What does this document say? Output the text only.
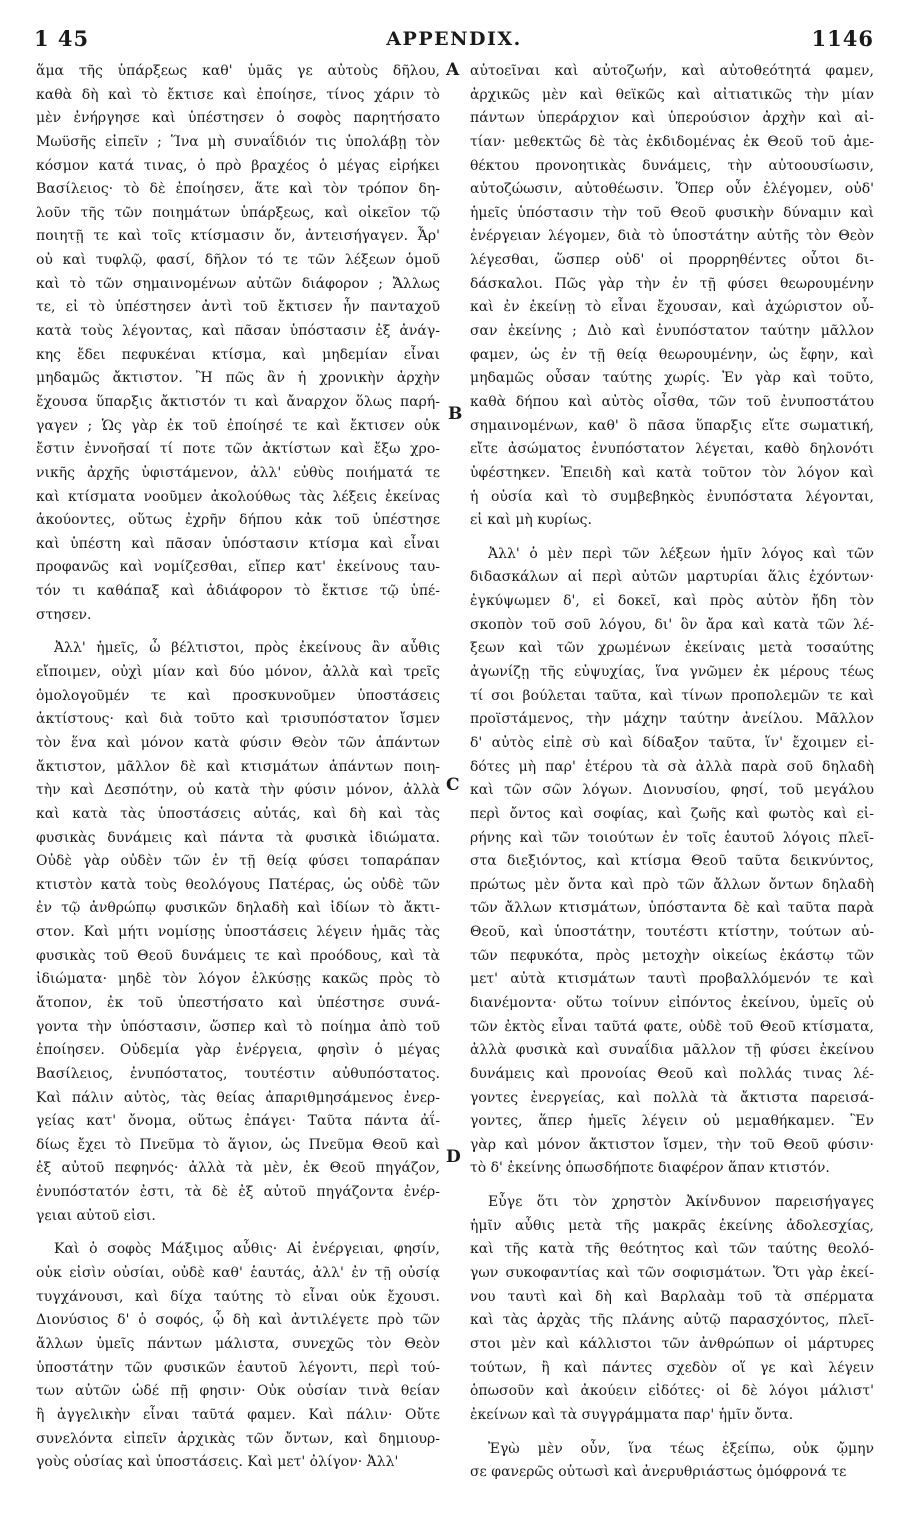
1 45	APPENDIX.	1146
A
B
C
D
ἅμα τῆς ὑπάρξεως καθ' ὑμᾶς γε αὐτοὺς δῆλου,
καθὰ δὴ καὶ τὸ ἔκτισε καὶ ἐποίησε, τίνος χάριν τὸ
μὲν ἐνήργησε καὶ ὑπέστησεν ὁ σοφὸς παρητήσατο
Μωϋσῆς εἰπεῖν ; Ἵνα μὴ συναΐδιόν τις ὑπολάβῃ τὸν
κόσμον κατά τινας, ὁ πρὸ βραχέος ὁ μέγας εἰρήκει
Βασίλειος· τὸ δὲ ἐποίησεν, ἅτε καὶ τὸν τρόπον δη-
λοῦν τῆς τῶν ποιημάτων ὑπάρξεως, καὶ οἰκεῖον τῷ
ποιητῇ τε καὶ τοῖς κτίσμασιν ὄν, ἀντεισήγαγεν. Ἆρ'
οὐ καὶ τυφλῷ, φασί, δῆλον τό τε τῶν λέξεων ὁμοῦ
καὶ τὸ τῶν σημαινομένων αὐτῶν διάφορον ; Ἄλλως
τε, εἰ τὸ ὑπέστησεν ἀντὶ τοῦ ἔκτισεν ἦν πανταχοῦ
κατὰ τοὺς λέγοντας, καὶ πᾶσαν ὑπόστασιν ἐξ ἀνάγ-
κης ἔδει πεφυκέναι κτίσμα, καὶ μηδεμίαν εἶναι
μηδαμῶς ἄκτιστον. Ἢ πῶς ἂν ἡ χρονικὴν ἀρχὴν
ἔχουσα ὕπαρξις ἄκτιστόν τι καὶ ἄναρχον ὅλως παρή-
γαγεν ; Ὡς γὰρ ἐκ τοῦ ἐποίησέ τε καὶ ἔκτισεν οὐκ
ἔστιν ἐννοῆσαί τί ποτε τῶν ἀκτίστων καὶ ἔξω χρο-
νικῆς ἀρχῆς ὑφιστάμενον, ἀλλ' εὐθὺς ποιήματά τε
καὶ κτίσματα νοοῦμεν ἀκολούθως τὰς λέξεις ἐκείνας
ἀκούοντες, οὕτως ἐχρῆν δήπου κἀκ τοῦ ὑπέστησε
καὶ ὑπέστη καὶ πᾶσαν ὑπόστασιν κτίσμα καὶ εἶναι
προφανῶς καὶ νομίζεσθαι, εἴπερ κατ' ἐκείνους ταυ-
τόν τι καθάπαξ καὶ ἀδιάφορον τὸ ἔκτισε τῷ ὑπέ-
στησεν.
Ἀλλ' ἡμεῖς, ὦ βέλτιστοι, πρὸς ἐκείνους ἂν αὖθις
εἴποιμεν, οὐχὶ μίαν καὶ δύο μόνον, ἀλλὰ καὶ τρεῖς
ὁμολογοῦμέν τε καὶ προσκυνοῦμεν ὑποστάσεις
ἀκτίστους· καὶ διὰ τοῦτο καὶ τρισυπόστατον ἴσμεν
τὸν ἕνα καὶ μόνον κατὰ φύσιν Θεὸν τῶν ἁπάντων
ἄκτιστον, μᾶλλον δὲ καὶ κτισμάτων ἁπάντων ποιη-
τὴν καὶ Δεσπότην, οὐ κατὰ τὴν φύσιν μόνον, ἀλλὰ
καὶ κατὰ τὰς ὑποστάσεις αὐτάς, καὶ δὴ καὶ τὰς
φυσικὰς δυνάμεις καὶ πάντα τὰ φυσικὰ ἰδιώματα.
Οὐδὲ γὰρ οὐδὲν τῶν ἐν τῇ θείᾳ φύσει τοπαράπαν
κτιστὸν κατὰ τοὺς θεολόγους Πατέρας, ὡς οὐδὲ τῶν
ἐν τῷ ἀνθρώπῳ φυσικῶν δηλαδὴ καὶ ἰδίων τὸ ἄκτι-
στον. Καὶ μήτι νομίσῃς ὑποστάσεις λέγειν ἡμᾶς τὰς
φυσικὰς τοῦ Θεοῦ δυνάμεις τε καὶ προόδους, καὶ τὰ
ἰδιώματα· μηδὲ τὸν λόγον ἑλκύσῃς κακῶς πρὸς τὸ
ἄτοπον, ἐκ τοῦ ὑπεστήσατο καὶ ὑπέστησε συνά-
γοντα τὴν ὑπόστασιν, ὥσπερ καὶ τὸ ποίημα ἀπὸ τοῦ
ἐποίησεν. Οὐδεμία γὰρ ἐνέργεια, φησὶν ὁ μέγας
Βασίλειος, ἐνυπόστατος, τουτέστιν αὐθυπόστατος.
Καὶ πάλιν αὐτὸς, τὰς θείας ἀπαριθμησάμενος ἐνερ-
γείας κατ' ὄνομα, οὕτως ἐπάγει· Ταῦτα πάντα ἀΐ-
δίως ἔχει τὸ Πνεῦμα τὸ ἅγιον, ὡς Πνεῦμα Θεοῦ καὶ
ἐξ αὐτοῦ πεφηνός· ἀλλὰ τὰ μὲν, ἐκ Θεοῦ πηγάζον,
ἐνυπόστατόν ἐστι, τὰ δὲ ἐξ αὐτοῦ πηγάζοντα ἐνέρ-
γειαι αὐτοῦ εἰσι.
Καὶ ὁ σοφὸς Μάξιμος αὖθις· Αἱ ἐνέργειαι, φησίν,
οὐκ εἰσὶν οὐσίαι, οὐδὲ καθ' ἑαυτάς, ἀλλ' ἐν τῇ οὐσίᾳ
τυγχάνουσι, καὶ δίχα ταύτης τὸ εἶναι οὐκ ἔχουσι.
Διονύσιος δ' ὁ σοφός, ᾧ δὴ καὶ ἀντιλέγετε πρὸ τῶν
ἄλλων ὑμεῖς πάντων μάλιστα, συνεχῶς τὸν Θεὸν
ὑποστάτην τῶν φυσικῶν ἑαυτοῦ λέγοντι, περὶ τού-
των αὐτῶν ὡδέ πῇ φησιν· Οὐκ οὐσίαν τινὰ θείαν
ἢ ἀγγελικὴν εἶναι ταῦτά φαμεν. Καὶ πάλιν· Οὔτε
συνελόντα εἰπεῖν ἀρχικὰς τῶν ὄντων, καὶ δημιουρ-
γοὺς οὐσίας καὶ ὑποστάσεις. Καὶ μετ' ὀλίγον· Ἀλλ'
αὐτοεῖναι καὶ αὐτοζωήν, καὶ αὐτοθεότητά φαμεν,
ἀρχικῶς μὲν καὶ θεϊκῶς καὶ αἰτιατικῶς τὴν μίαν
πάντων ὑπεράρχιον καὶ ὑπερούσιον ἀρχὴν καὶ αἰ-
τίαν· μεθεκτῶς δὲ τὰς ἐκδιδομένας ἐκ Θεοῦ τοῦ ἀμε-
θέκτου προνοητικὰς δυνάμεις, τὴν αὐτοουσίωσιν,
αὐτοζώωσιν, αὐτοθέωσιν. Ὅπερ οὖν ἐλέγομεν, οὐδ'
ἡμεῖς ὑπόστασιν τὴν τοῦ Θεοῦ φυσικὴν δύναμιν καὶ
ἐνέργειαν λέγομεν, διὰ τὸ ὑποστάτην αὐτῆς τὸν Θεὸν
λέγεσθαι, ὥσπερ οὐδ' οἱ προρρηθέντες οὗτοι δι-
δάσκαλοι. Πῶς γὰρ τὴν ἐν τῇ φύσει θεωρουμένην
καὶ ἐν ἐκείνῃ τὸ εἶναι ἔχουσαν, καὶ ἀχώριστον οὖ-
σαν ἐκείνης ; Διὸ καὶ ἐνυπόστατον ταύτην μᾶλλον
φαμεν, ὡς ἐν τῇ θείᾳ θεωρουμένην, ὡς ἔφην, καὶ
μηδαμῶς οὖσαν ταύτης χωρίς. Ἐν γὰρ καὶ τοῦτο,
καθὰ δήπου καὶ αὐτὸς οἶσθα, τῶν τοῦ ἐνυποστάτου
σημαινομένων, καθ' ὃ πᾶσα ὕπαρξις εἴτε σωματική,
εἴτε ἀσώματος ἐνυπόστατον λέγεται, καθὸ δηλονότι
ὑφέστηκεν. Ἐπειδὴ καὶ κατὰ τοῦτον τὸν λόγον καὶ
ἡ οὐσία καὶ τὸ συμβεβηκὸς ἐνυπόστατα λέγονται,
εἰ καὶ μὴ κυρίως.
Ἀλλ' ὁ μὲν περὶ τῶν λέξεων ἡμῖν λόγος καὶ τῶν
διδασκάλων αἱ περὶ αὐτῶν μαρτυρίαι ἅλις ἐχόντων·
ἐγκύψωμεν δ', εἰ δοκεῖ, καὶ πρὸς αὐτὸν ἤδη τὸν
σκοπὸν τοῦ σοῦ λόγου, δι' ὃν ἄρα καὶ κατὰ τῶν λέ-
ξεων καὶ τῶν χρωμένων ἐκείναις μετὰ τοσαύτης
ἀγωνίζῃ τῆς εὐψυχίας, ἵνα γνῶμεν ἐκ μέρους τέως
τί σοι βούλεται ταῦτα, καὶ τίνων προπολεμῶν τε καὶ
προϊστάμενος, τὴν μάχην ταύτην ἀνείλου. Μᾶλλον
δ' αὐτὸς εἰπὲ σὺ καὶ δίδαξον ταῦτα, ἵν' ἔχοιμεν εἰ-
δότες μὴ παρ' ἑτέρου τὰ σὰ ἀλλὰ παρὰ σοῦ δηλαδὴ
καὶ τῶν σῶν λόγων. Διονυσίου, φησί, τοῦ μεγάλου
περὶ ὄντος καὶ σοφίας, καὶ ζωῆς καὶ φωτὸς καὶ εἰ-
ρήνης καὶ τῶν τοιούτων ἐν τοῖς ἑαυτοῦ λόγοις πλεῖ-
στα διεξιόντος, καὶ κτίσμα Θεοῦ ταῦτα δεικνύντος,
πρώτως μὲν ὄντα καὶ πρὸ τῶν ἄλλων ὄντων δηλαδὴ
τῶν ἄλλων κτισμάτων, ὑπόσταντα δὲ καὶ ταῦτα παρὰ
Θεοῦ, καὶ ὑποστάτην, τουτέστι κτίστην, τούτων αὐ-
τῶν πεφυκότα, πρὸς μετοχὴν οἰκείως ἑκάστῳ τῶν
μετ' αὐτὰ κτισμάτων ταυτὶ προβαλλόμενόν τε καὶ
διανέμοντα· οὕτω τοίνυν εἰπόντος ἐκείνου, ὑμεῖς οὐ
τῶν ἐκτὸς εἶναι ταῦτά φατε, οὐδὲ τοῦ Θεοῦ κτίσματα,
ἀλλὰ φυσικὰ καὶ συναΐδια μᾶλλον τῇ φύσει ἐκείνου
δυνάμεις καὶ προνοίας Θεοῦ καὶ πολλάς τινας λέ-
γοντες ἐνεργείας, καὶ πολλὰ τὰ ἄκτιστα παρεισά-
γοντες, ἅπερ ἡμεῖς λέγειν οὐ μεμαθήκαμεν. Ἓν
γὰρ καὶ μόνον ἄκτιστον ἴσμεν, τὴν τοῦ Θεοῦ φύσιν·
τὸ δ' ἐκείνης ὁπωσδήποτε διαφέρον ἅπαν κτιστόν.
Εὖγε ὅτι τὸν χρηστὸν Ἀκίνδυνον παρεισήγαγες
ἡμῖν αὖθις μετὰ τῆς μακρᾶς ἐκείνης ἀδολεσχίας,
καὶ τῆς κατὰ τῆς θεότητος καὶ τῶν ταύτης θεολό-
γων συκοφαντίας καὶ τῶν σοφισμάτων. Ὅτι γὰρ ἐκεί-
νου ταυτὶ καὶ δὴ καὶ Βαρλαὰμ τοῦ τὰ σπέρματα
καὶ τὰς ἀρχὰς τῆς πλάνης αὐτῷ παρασχόντος, πλεῖ-
στοι μὲν καὶ κάλλιστοι τῶν ἀνθρώπων οἱ μάρτυρες
τούτων, ἢ καὶ πάντες σχεδὸν οἵ γε καὶ λέγειν
ὁπωσοῦν καὶ ἀκούειν εἰδότες· οἱ δὲ λόγοι μάλιστ'
ἐκείνων καὶ τὰ συγγράμματα παρ' ἡμῖν ὄντα.
Ἐγὼ μὲν οὖν, ἵνα τέως ἐξείπω, οὐκ ᾤμην
σε φανερῶς οὑτωσὶ καὶ ἀνερυθριάστως ὁμόφρονά τε
